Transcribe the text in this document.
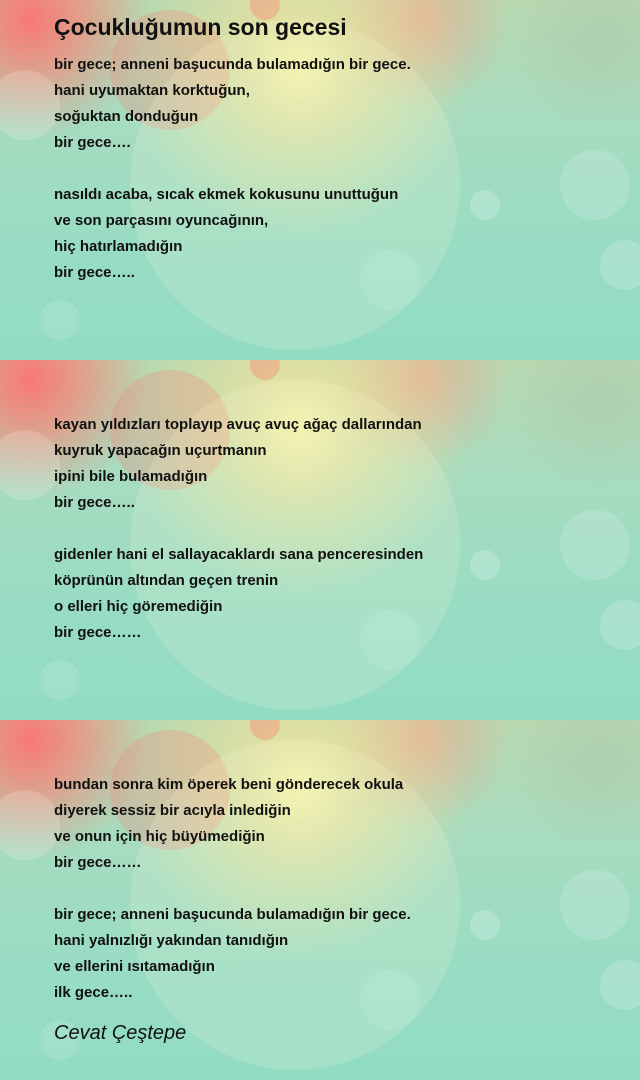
Çocukluğumun son gecesi
bir gece; anneni başucunda bulamadığın bir gece.
hani uyumaktan korktuğun,
soğuktan donduğun
bir gece….
nasıldı acaba, sıcak ekmek kokusunu unuttuğun
ve son parçasını oyuncağının,
hiç hatırlamadığın
bir gece…..
kayan yıldızları toplayıp avuç avuç ağaç dallarından
kuyruk yapacağın uçurtmanın
ipini bile bulamadığın
bir gece…..
gidenler hani el sallayacaklardı sana penceresinden
köprünün altından geçen trenin
o elleri hiç göremediğin
bir gece……
bundan sonra kim öperek beni gönderecek okula
diyerek sessiz bir acıyla inlediğin
ve onun için hiç büyümediğin
bir gece……
bir gece; anneni başucunda bulamadığın bir gece.
hani yalnızlığı yakından tanıdığın
ve ellerini ısıtamadığın
ilk gece…..
Cevat Çeştepe
